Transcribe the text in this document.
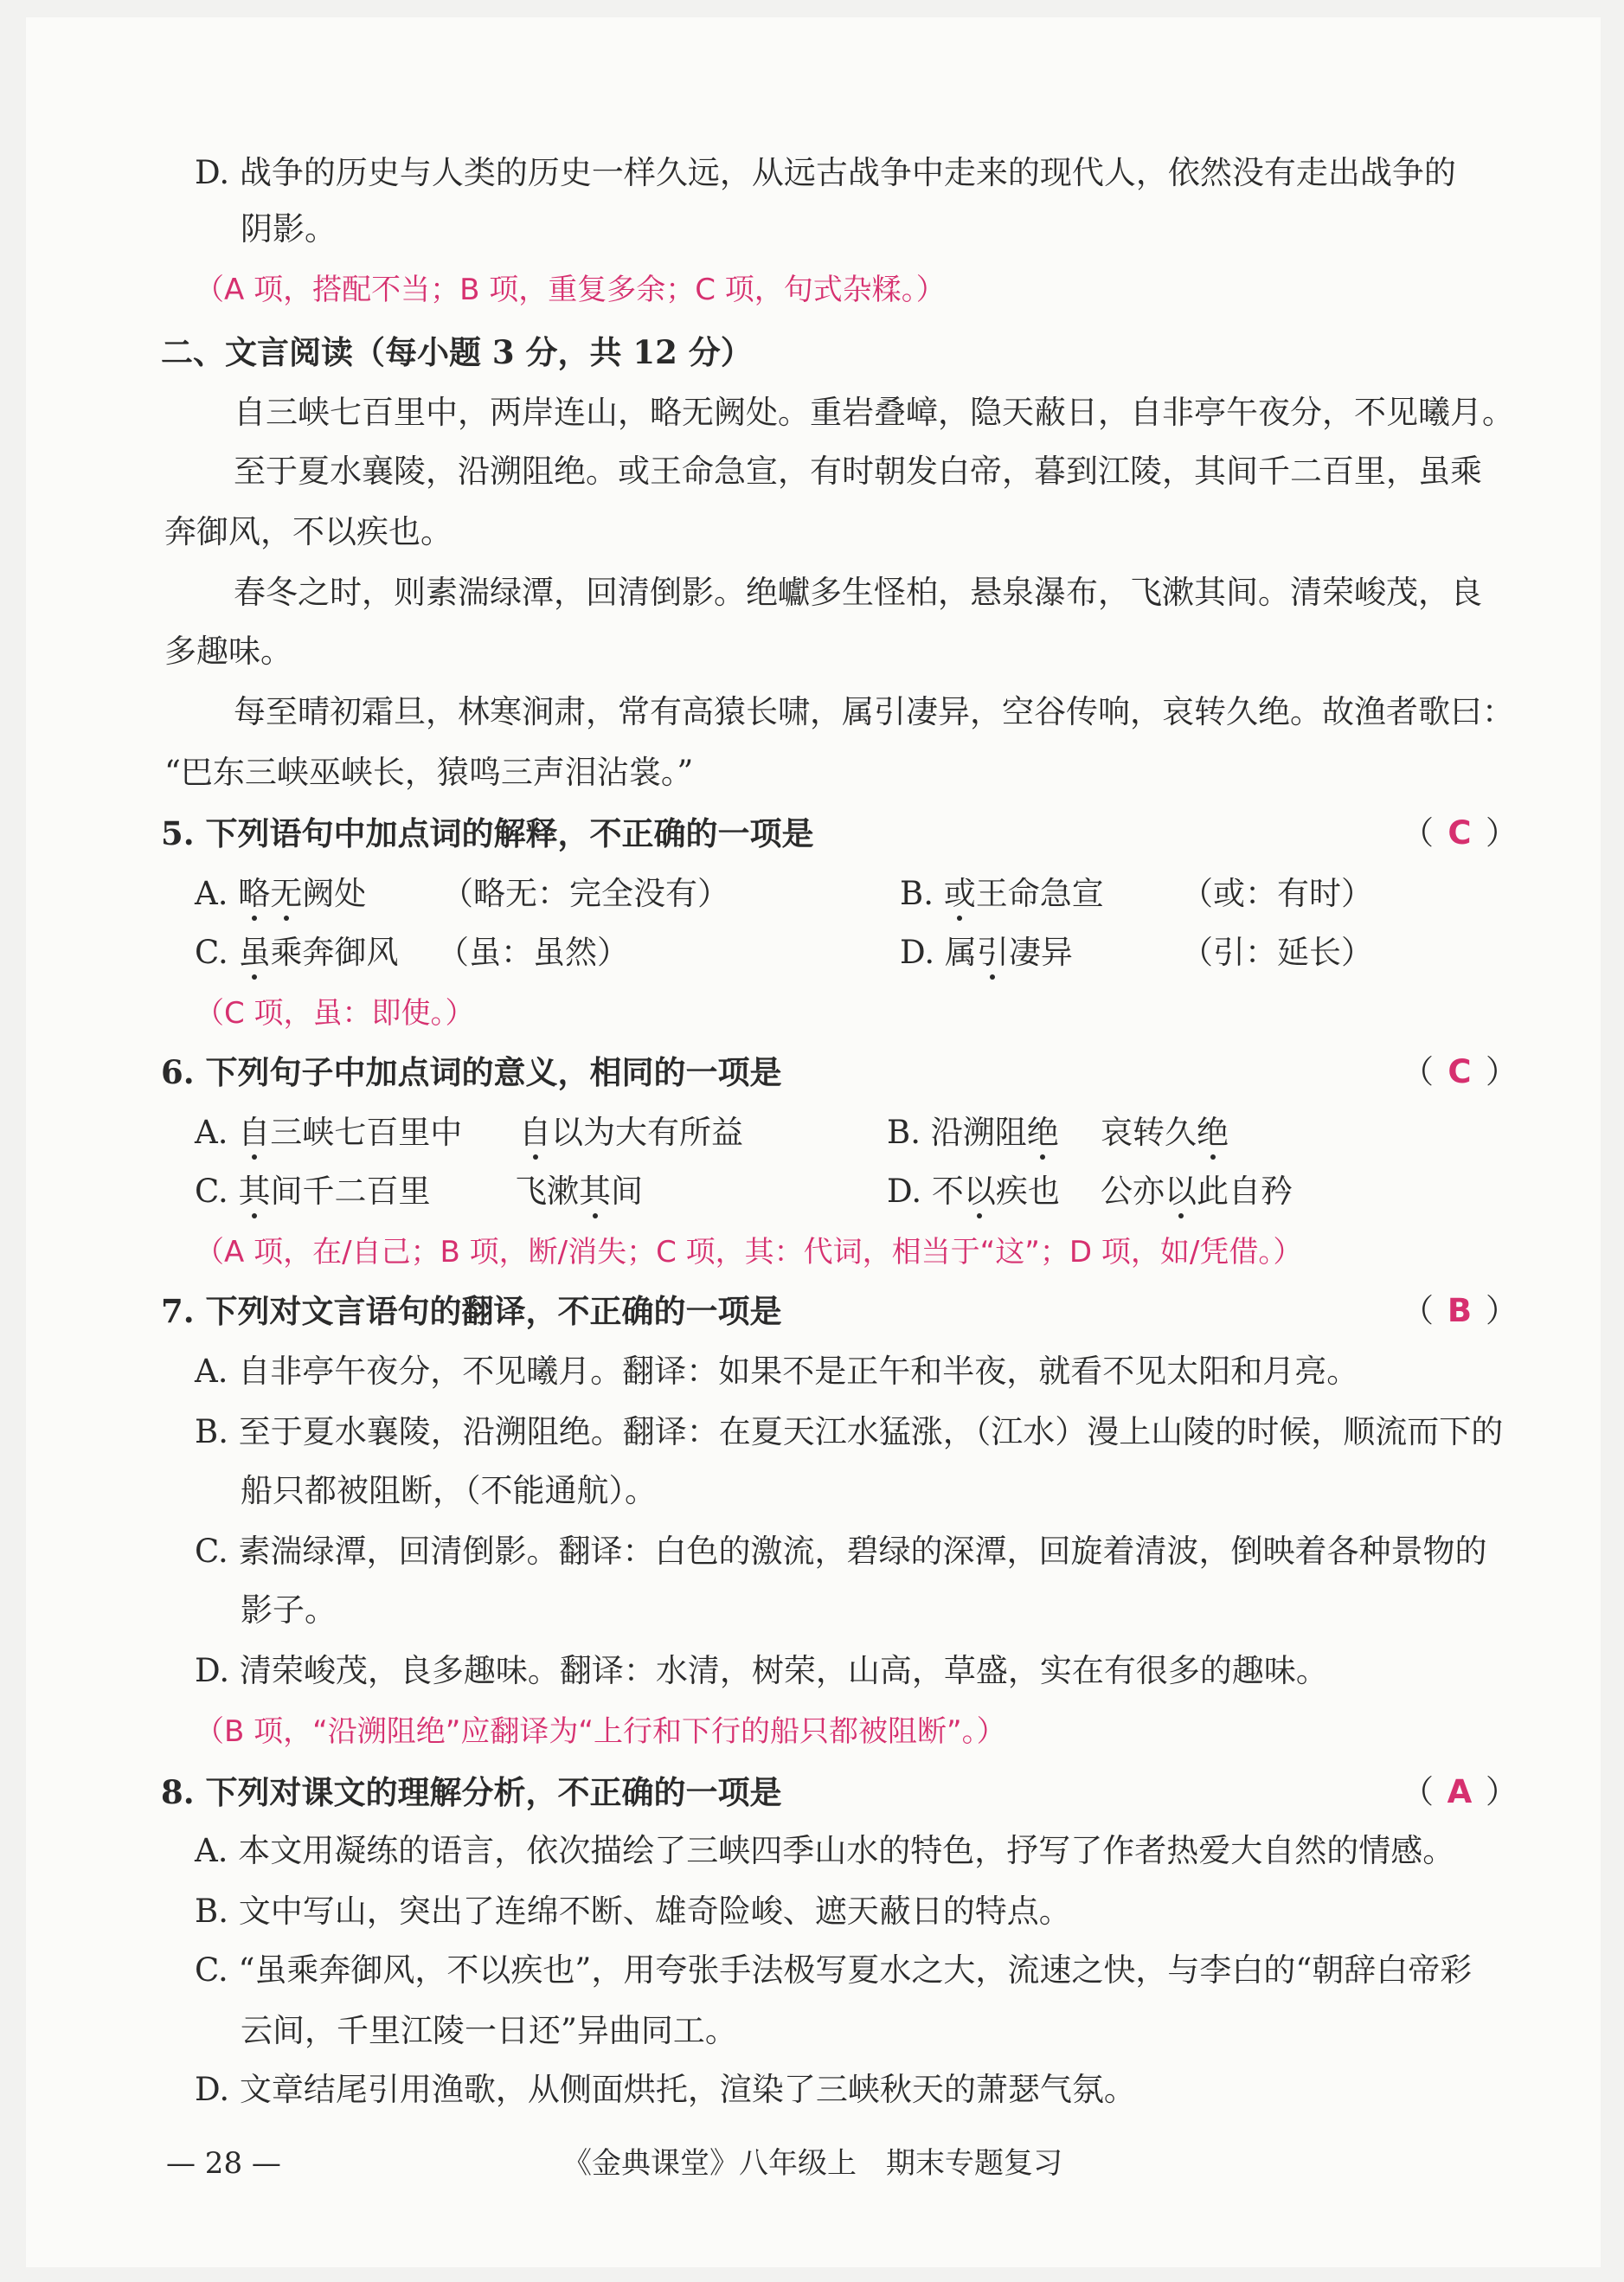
D. 战争的历史与人类的历史一样久远，从远古战争中走来的现代人，依然没有走出战争的
阴影。
（A 项，搭配不当；B 项，重复多余；C 项，句式杂糅。）
二、文言阅读（每小题 3 分，共 12 分）
自三峡七百里中，两岸连山，略无阙处。重岩叠嶂，隐天蔽日，自非亭午夜分，不见曦月。
至于夏水襄陵，沿溯阻绝。或王命急宣，有时朝发白帝，暮到江陵，其间千二百里，虽乘
奔御风，不以疾也。
春冬之时，则素湍绿潭，回清倒影。绝巘多生怪柏，悬泉瀑布，飞漱其间。清荣峻茂，良
多趣味。
每至晴初霜旦，林寒涧肃，常有高猿长啸，属引凄异，空谷传响，哀转久绝。故渔者歌曰：
“巴东三峡巫峡长，猿鸣三声泪沾裳。”
5. 下列语句中加点词的解释，不正确的一项是	（ C ）
A. 略无阙处 （略无：完全没有）	B. 或王命急宣 （或：有时）
C. 虽乘奔御风 （虽：虽然）	D. 属引凄异	（引：延长）
（C 项，虽：即使。）
6. 下列句子中加点词的意义，相同的一项是	（ C ）
A. 自三峡七百里中 自以为大有所益	B. 沿溯阻绝 哀转久绝
C. 其间千二百里	飞漱其间	D. 不以疾也 公亦以此自矜
（A 项，在/自己；B 项，断/消失；C 项，其：代词，相当于“这”；D 项，如/凭借。）
7. 下列对文言语句的翻译，不正确的一项是	（ B ）
A. 自非亭午夜分，不见曦月。翻译：如果不是正午和半夜，就看不见太阳和月亮。
B. 至于夏水襄陵，沿溯阻绝。翻译：在夏天江水猛涨，（江水）漫上山陵的时候，顺流而下的
船只都被阻断，（不能通航）。
C. 素湍绿潭，回清倒影。翻译：白色的激流，碧绿的深潭，回旋着清波，倒映着各种景物的
影子。
D. 清荣峻茂，良多趣味。翻译：水清，树荣，山高，草盛，实在有很多的趣味。
（B 项，“沿溯阻绝”应翻译为“上行和下行的船只都被阻断”。）
8. 下列对课文的理解分析，不正确的一项是	（ A ）
A. 本文用凝练的语言，依次描绘了三峡四季山水的特色，抒写了作者热爱大自然的情感。
B. 文中写山，突出了连绵不断、雄奇险峻、遮天蔽日的特点。
C. “虽乘奔御风，不以疾也”，用夸张手法极写夏水之大，流速之快，与李白的“朝辞白帝彩
云间，千里江陵一日还”异曲同工。
D. 文章结尾引用渔歌，从侧面烘托，渲染了三峡秋天的萧瑟气氛。
— 28 —	《金典课堂》八年级上　期末专题复习
